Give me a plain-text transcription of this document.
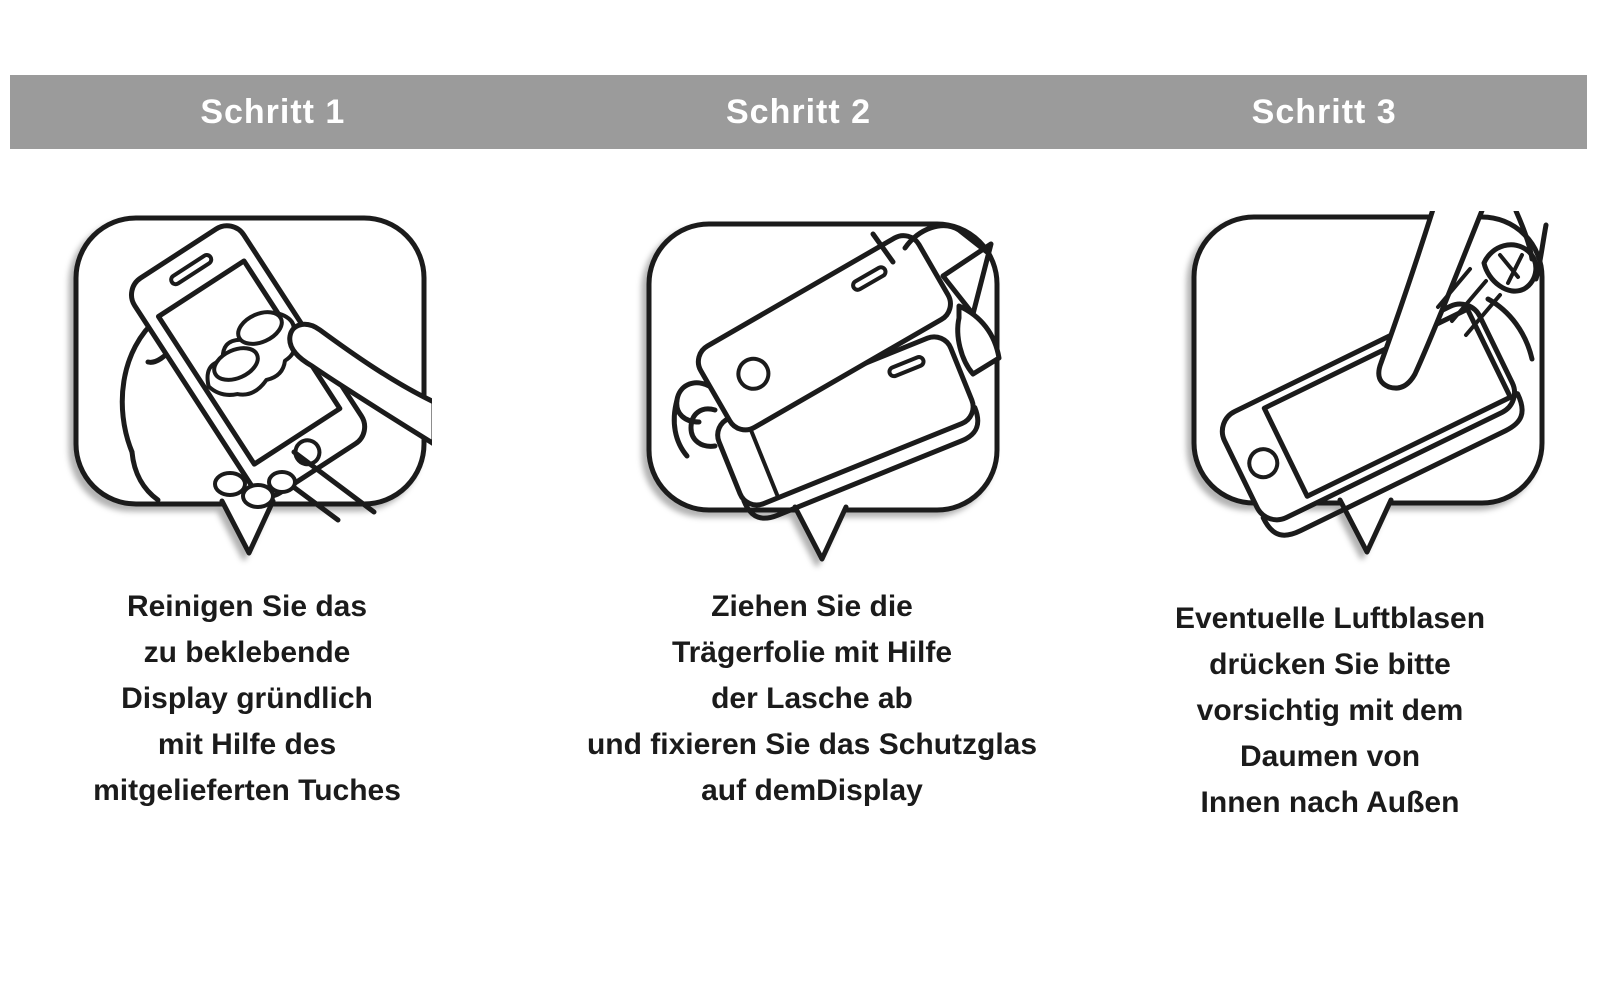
Schritt 1	Schritt 2	Schritt 3
Reinigen Sie das
zu beklebende
Display gründlich
mit Hilfe des
mitgelieferten Tuches
Ziehen Sie die
Trägerfolie mit Hilfe
der Lasche ab
und fixieren Sie das Schutzglas
auf demDisplay
Eventuelle Luftblasen
drücken Sie bitte
vorsichtig mit dem
Daumen von
Innen nach Außen
